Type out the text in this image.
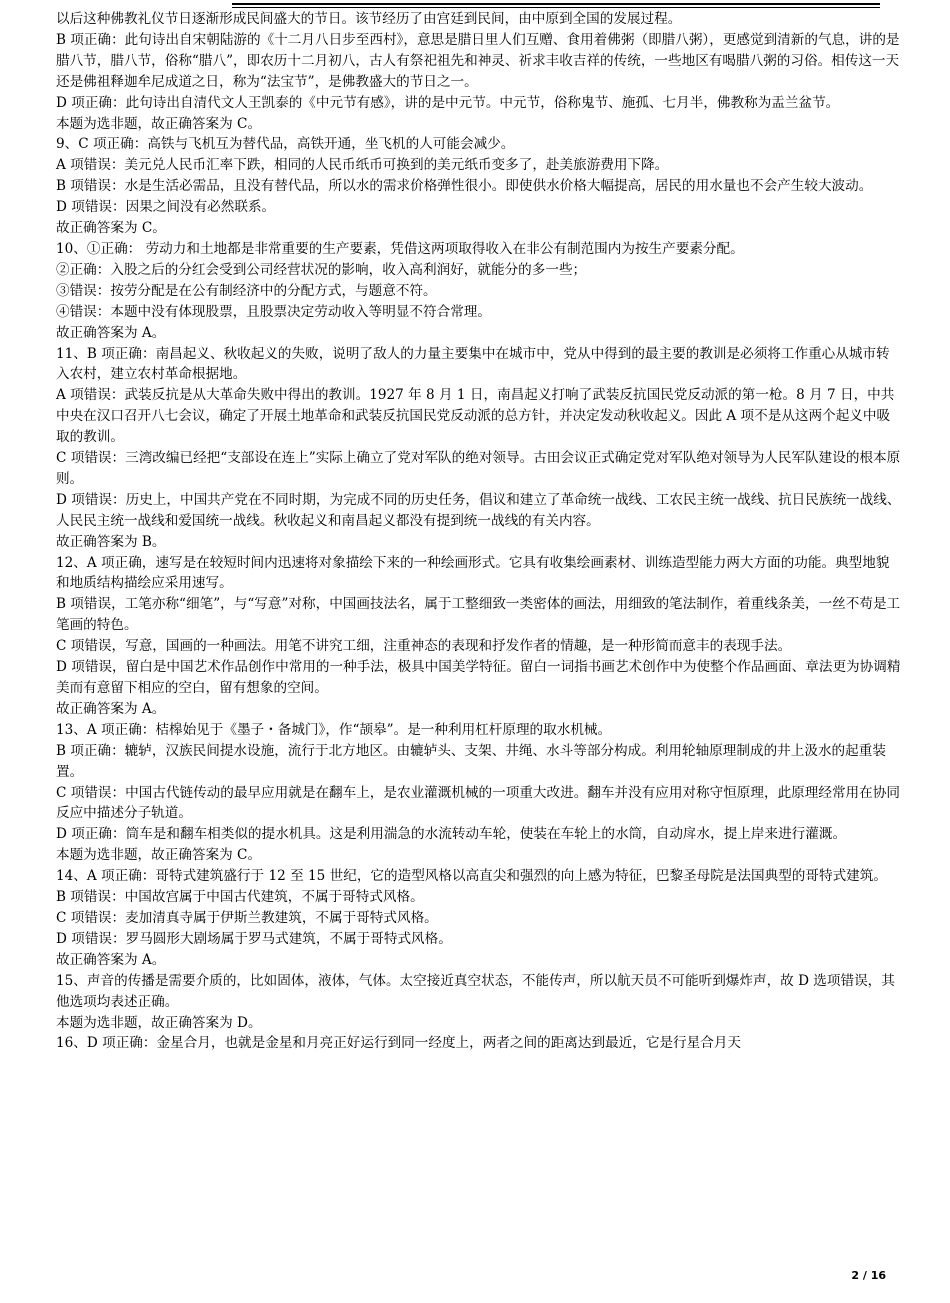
以后这种佛教礼仪节日逐渐形成民间盛大的节日。该节经历了由宫廷到民间，由中原到全国的发展过程。

B 项正确：此句诗出自宋朝陆游的《十二月八日步至西村》，意思是腊日里人们互赠、食用着佛粥（即腊八粥），更感觉到清新的气息，讲的是腊八节，腊八节，俗称“腊八”，即农历十二月初八，古人有祭祀祖先和神灵、祈求丰收吉祥的传统，一些地区有喝腊八粥的习俗。相传这一天还是佛祖释迦牟尼成道之日，称为“法宝节”，是佛教盛大的节日之一。

D 项正确：此句诗出自清代文人王凯泰的《中元节有感》，讲的是中元节。中元节，俗称鬼节、施孤、七月半，佛教称为盂兰盆节。

本题为选非题，故正确答案为 C。

9、C 项正确：高铁与飞机互为替代品，高铁开通，坐飞机的人可能会减少。

A 项错误：美元兑人民币汇率下跌，相同的人民币纸币可换到的美元纸币变多了，赴美旅游费用下降。

B 项错误：水是生活必需品，且没有替代品，所以水的需求价格弹性很小。即使供水价格大幅提高，居民的用水量也不会产生较大波动。

D 项错误：因果之间没有必然联系。

故正确答案为 C。

10、①正确： 劳动力和土地都是非常重要的生产要素，凭借这两项取得收入在非公有制范围内为按生产要素分配。

②正确：入股之后的分红会受到公司经营状况的影响，收入高利润好，就能分的多一些；

③错误：按劳分配是在公有制经济中的分配方式，与题意不符。

④错误：本题中没有体现股票，且股票决定劳动收入等明显不符合常理。

故正确答案为 A。

11、B 项正确：南昌起义、秋收起义的失败，说明了敌人的力量主要集中在城市中，党从中得到的最主要的教训是必须将工作重心从城市转入农村，建立农村革命根据地。

A 项错误：武装反抗是从大革命失败中得出的教训。1927 年 8 月 1 日，南昌起义打响了武装反抗国民党反动派的第一枪。8 月 7 日，中共中央在汉口召开八七会议，确定了开展土地革命和武装反抗国民党反动派的总方针，并决定发动秋收起义。因此 A 项不是从这两个起义中吸取的教训。

C 项错误：三湾改编已经把“支部设在连上”实际上确立了党对军队的绝对领导。古田会议正式确定党对军队绝对领导为人民军队建设的根本原则。

D 项错误：历史上，中国共产党在不同时期，为完成不同的历史任务，倡议和建立了革命统一战线、工农民主统一战线、抗日民族统一战线、人民民主统一战线和爱国统一战线。秋收起义和南昌起义都没有提到统一战线的有关内容。

故正确答案为 B。

12、A 项正确，速写是在较短时间内迅速将对象描绘下来的一种绘画形式。它具有收集绘画素材、训练造型能力两大方面的功能。典型地貌和地质结构描绘应采用速写。

B 项错误，工笔亦称“细笔”，与“写意”对称，中国画技法名，属于工整细致一类密体的画法，用细致的笔法制作，着重线条美，一丝不苟是工笔画的特色。

C 项错误，写意，国画的一种画法。用笔不讲究工细，注重神态的表现和抒发作者的情趣，是一种形简而意丰的表现手法。

D 项错误，留白是中国艺术作品创作中常用的一种手法，极具中国美学特征。留白一词指书画艺术创作中为使整个作品画面、章法更为协调精美而有意留下相应的空白，留有想象的空间。

故正确答案为 A。

13、A 项正确：桔槔始见于《墨子・备城门》，作“颉皋”。是一种利用杠杆原理的取水机械。

B 项正确：辘轳，汉族民间提水设施，流行于北方地区。由辘轳头、支架、井绳、水斗等部分构成。利用轮轴原理制成的井上汲水的起重装置。

C 项错误：中国古代链传动的最早应用就是在翻车上，是农业灌溉机械的一项重大改进。翻车并没有应用对称守恒原理，此原理经常用在协同反应中描述分子轨道。

D 项正确：筒车是和翻车相类似的提水机具。这是利用湍急的水流转动车轮，使装在车轮上的水筒，自动戽水，提上岸来进行灌溉。

本题为选非题，故正确答案为 C。

14、A 项正确：哥特式建筑盛行于 12 至 15 世纪，它的造型风格以高直尖和强烈的向上感为特征，巴黎圣母院是法国典型的哥特式建筑。

B 项错误：中国故宫属于中国古代建筑，不属于哥特式风格。

C 项错误：麦加清真寺属于伊斯兰教建筑，不属于哥特式风格。

D 项错误：罗马圆形大剧场属于罗马式建筑，不属于哥特式风格。

故正确答案为 A。

15、声音的传播是需要介质的，比如固体，液体，气体。太空接近真空状态，不能传声，所以航天员不可能听到爆炸声，故 D 选项错误，其他选项均表述正确。

本题为选非题，故正确答案为 D。

16、D 项正确：金星合月，也就是金星和月亮正好运行到同一经度上，两者之间的距离达到最近，它是行星合月天

2 / 16
